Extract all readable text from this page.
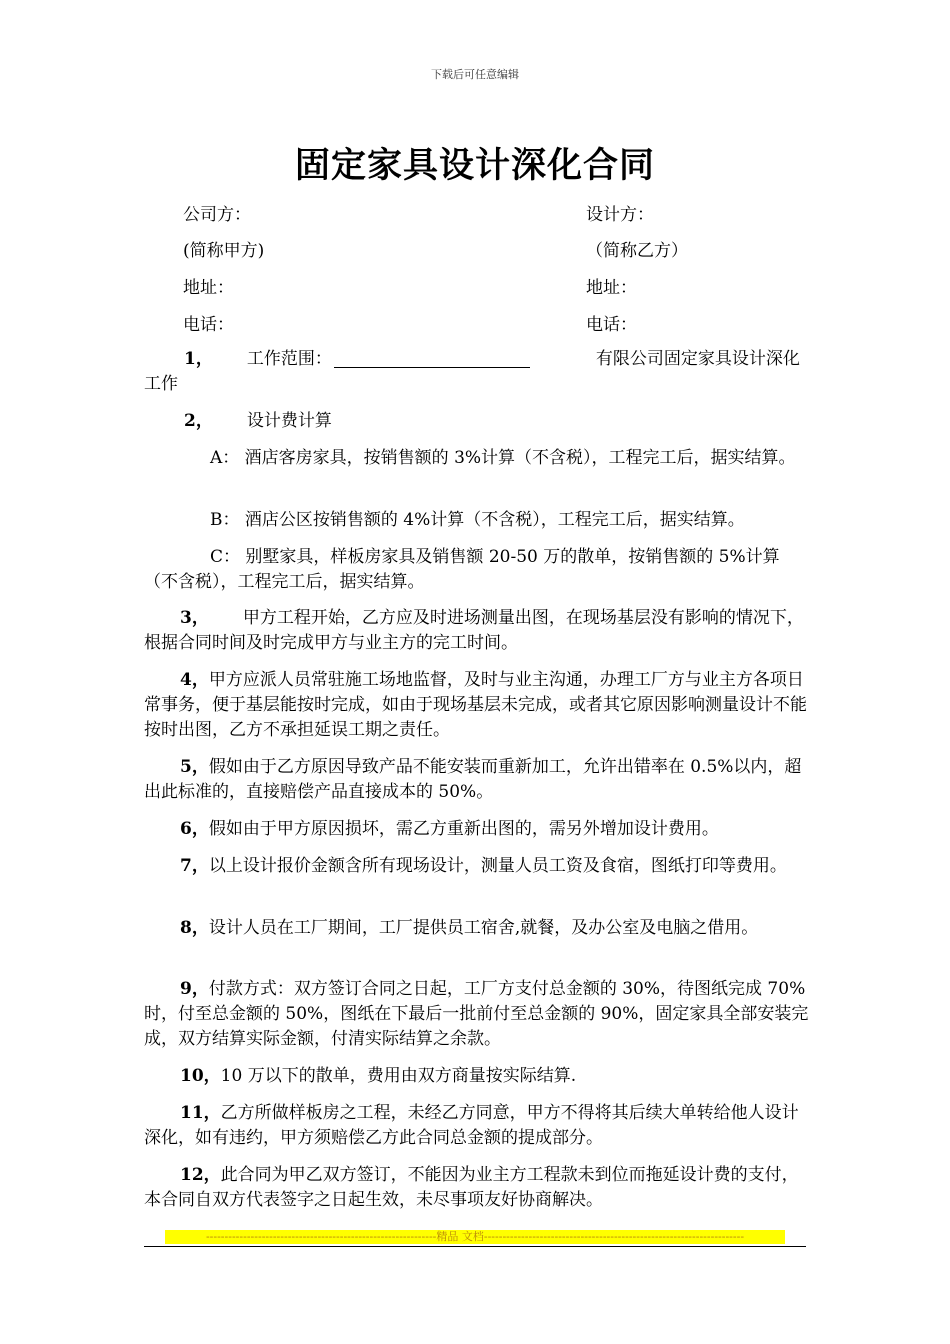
下载后可任意编辑
固定家具设计深化合同
公司方：	设计方：
(简称甲方)	（简称乙方）
地址：	地址：
电话：	电话：
1， 工作范围：	有限公司固定家具设计深化
工作
2， 设计费计算
A： 酒店客房家具，按销售额的 3%计算（不含税），工程完工后，据实结算。
B： 酒店公区按销售额的 4%计算（不含税），工程完工后，据实结算。
C： 别墅家具，样板房家具及销售额 20-50 万的散单，按销售额的 5%计算（不含税），工程完工后，据实结算。
3， 甲方工程开始，乙方应及时进场测量出图，在现场基层没有影响的情况下，根据合同时间及时完成甲方与业主方的完工时间。
4，甲方应派人员常驻施工场地监督，及时与业主沟通，办理工厂方与业主方各项日常事务，便于基层能按时完成，如由于现场基层未完成，或者其它原因影响测量设计不能按时出图，乙方不承担延误工期之责任。
5，假如由于乙方原因导致产品不能安装而重新加工，允许出错率在 0.5%以内，超出此标准的，直接赔偿产品直接成本的 50%。
6，假如由于甲方原因损坏，需乙方重新出图的，需另外增加设计费用。
7，以上设计报价金额含所有现场设计，测量人员工资及食宿，图纸打印等费用。
8，设计人员在工厂期间，工厂提供员工宿舍,就餐，及办公室及电脑之借用。
9，付款方式：双方签订合同之日起，工厂方支付总金额的 30%，待图纸完成 70%时，付至总金额的 50%，图纸在下最后一批前付至总金额的 90%，固定家具全部安装完成，双方结算实际金额，付清实际结算之余款。
10，10 万以下的散单，费用由双方商量按实际结算.
11，乙方所做样板房之工程，未经乙方同意，甲方不得将其后续大单转给他人设计深化，如有违约，甲方须赔偿乙方此合同总金额的提成部分。
12，此合同为甲乙双方签订，不能因为业主方工程款未到位而拖延设计费的支付，本合同自双方代表签字之日起生效，未尽事项友好协商解决。
--------------------------------------------------------------精品 文档----------------------------------------------------------------------
